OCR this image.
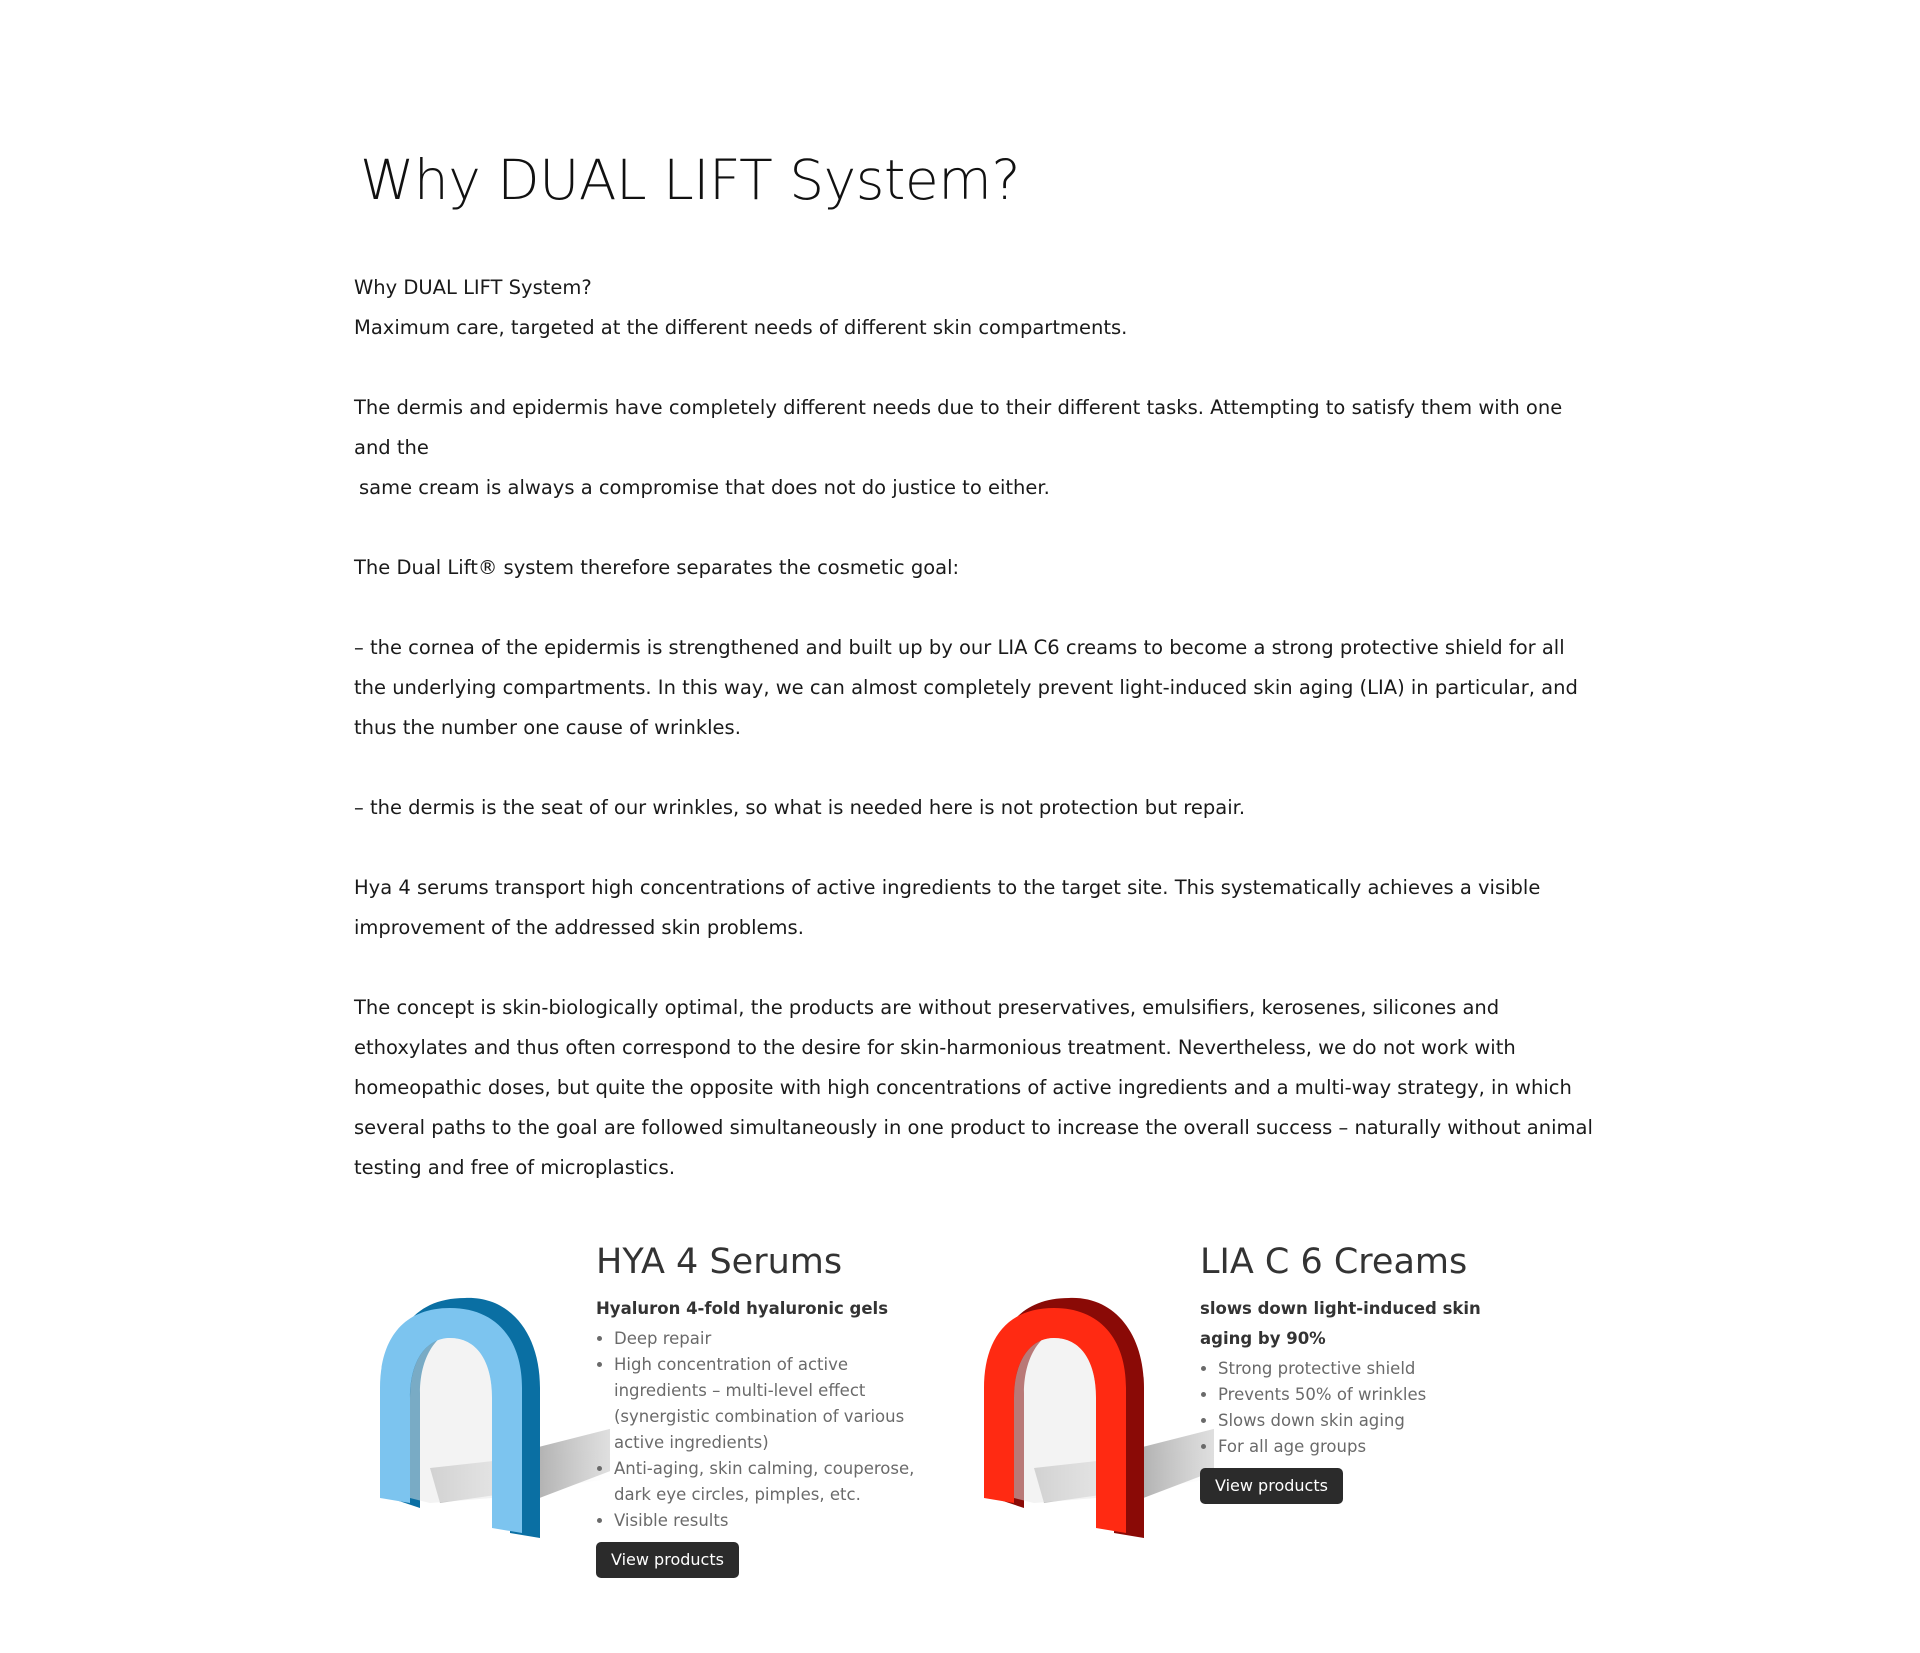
Why DUAL LIFT System?

Why DUAL LIFT System?

Maximum care, targeted at the different needs of different skin compartments.

The dermis and epidermis have completely different needs due to their different tasks. Attempting to satisfy them with one and the

same cream is always a compromise that does not do justice to either.

The Dual Lift® system therefore separates the cosmetic goal:

– the cornea of the epidermis is strengthened and built up by our LIA C6 creams to become a strong protective shield for all the underlying compartments. In this way, we can almost completely prevent light-induced skin aging (LIA) in particular, and thus the number one cause of wrinkles.

– the dermis is the seat of our wrinkles, so what is needed here is not protection but repair.

Hya 4 serums transport high concentrations of active ingredients to the target site. This systematically achieves a visible improvement of the addressed skin problems.

The concept is skin-biologically optimal, the products are without preservatives, emulsifiers, kerosenes, silicones and ethoxylates and thus often correspond to the desire for skin-harmonious treatment. Nevertheless, we do not work with homeopathic doses, but quite the opposite with high concentrations of active ingredients and a multi-way strategy, in which several paths to the goal are followed simultaneously in one product to increase the overall success – naturally without animal testing and free of microplastics.

HYA 4 Serums

Hyaluron 4-fold hyaluronic gels

• Deep repair
• High concentration of active ingredients – multi-level effect (synergistic combination of various active ingredients)
• Anti-aging, skin calming, couperose, dark eye circles, pimples, etc.
• Visible results
View products
LIA C 6 Creams

slows down light-induced skin aging by 90%

• Strong protective shield
• Prevents 50% of wrinkles
• Slows down skin aging
• For all age groups
View products
